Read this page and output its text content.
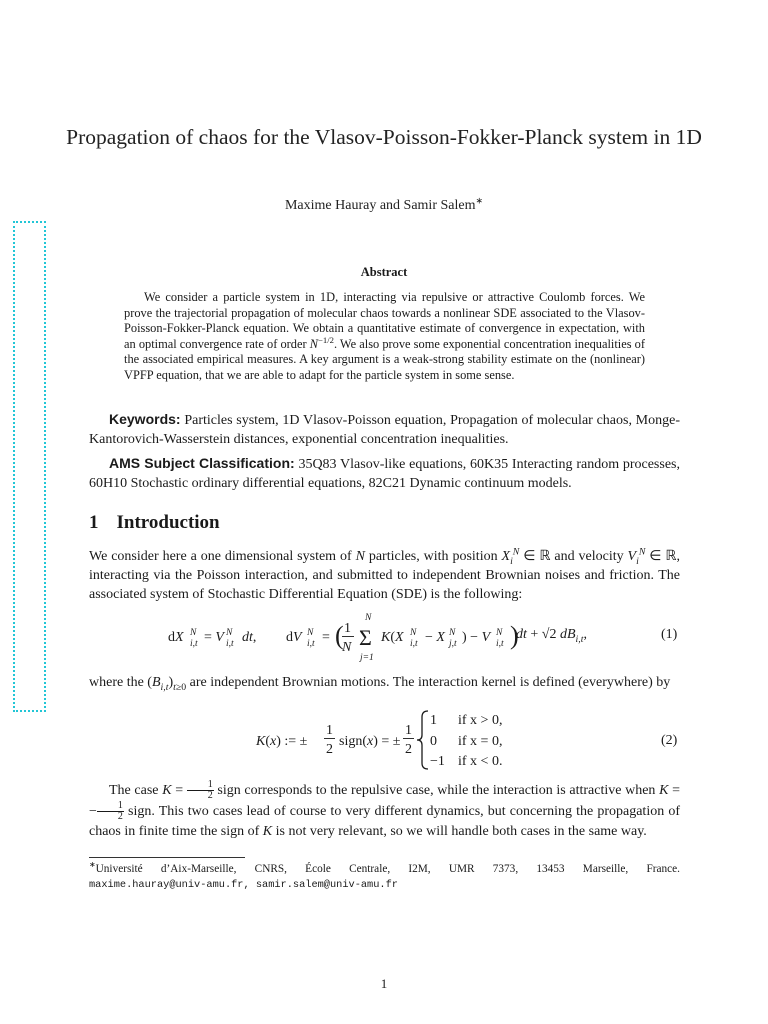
Propagation of chaos for the Vlasov-Poisson-Fokker-Planck system in 1D
Maxime Hauray and Samir Salem∗
Abstract
We consider a particle system in 1D, interacting via repulsive or attractive Coulomb forces. We prove the trajectorial propagation of molecular chaos towards a nonlinear SDE associated to the Vlasov-Poisson-Fokker-Planck equation. We obtain a quantitative estimate of convergence in expectation, with an optimal convergence rate of order $N^{-1/2}$. We also prove some exponential concentration inequalities of the associated empirical measures. A key argument is a weak-strong stability estimate on the (nonlinear) VPFP equation, that we are able to adapt for the particle system in some sense.
Keywords: Particles system, 1D Vlasov-Poisson equation, Propagation of molecular chaos, Monge-Kantorovich-Wasserstein distances, exponential concentration inequalities.
AMS Subject Classification: 35Q83 Vlasov-like equations, 60K35 Interacting random processes, 60H10 Stochastic ordinary differential equations, 82C21 Dynamic continuum models.
1 Introduction
We consider here a one dimensional system of N particles, with position $X_i^N$ ∈ ℝ and velocity $V_i^N$ ∈ ℝ, interacting via the Poisson interaction, and submitted to independent Brownian noises and friction. The associated system of Stochastic Differential Equation (SDE) is the following:
dX N
i,t = V N
i,t dt, dV N
i,t = ( 1
N
N
Σ
j=1
K(X N
i,t − X N
j,t ) − V N
i,t )
dt + √2 $dB_{i,t}$,	(1)
where the $(B_{i,t})_{t\ge 0}$ are independent Brownian motions. The interaction kernel is defined (everywhere) by
K(x) := ±
1
2
sign(x) = ±
1
2
1 if x > 0,
0 if x = 0,
−1 if x < 0.
(2)
The case $K = \frac{1}{2}$ sign corresponds to the repulsive case, while the interaction is attractive when K = − $\frac{1}{2}$ sign. This two cases lead of course to very different dynamics, but concerning the propagation of chaos in finite time the sign of K is not very relevant, so we will handle both cases in the same way.
∗Université d’Aix-Marseille, CNRS, École Centrale, I2M, UMR 7373, 13453 Marseille, France.
maxime.hauray@univ-amu.fr, samir.salem@univ-amu.fr
1
